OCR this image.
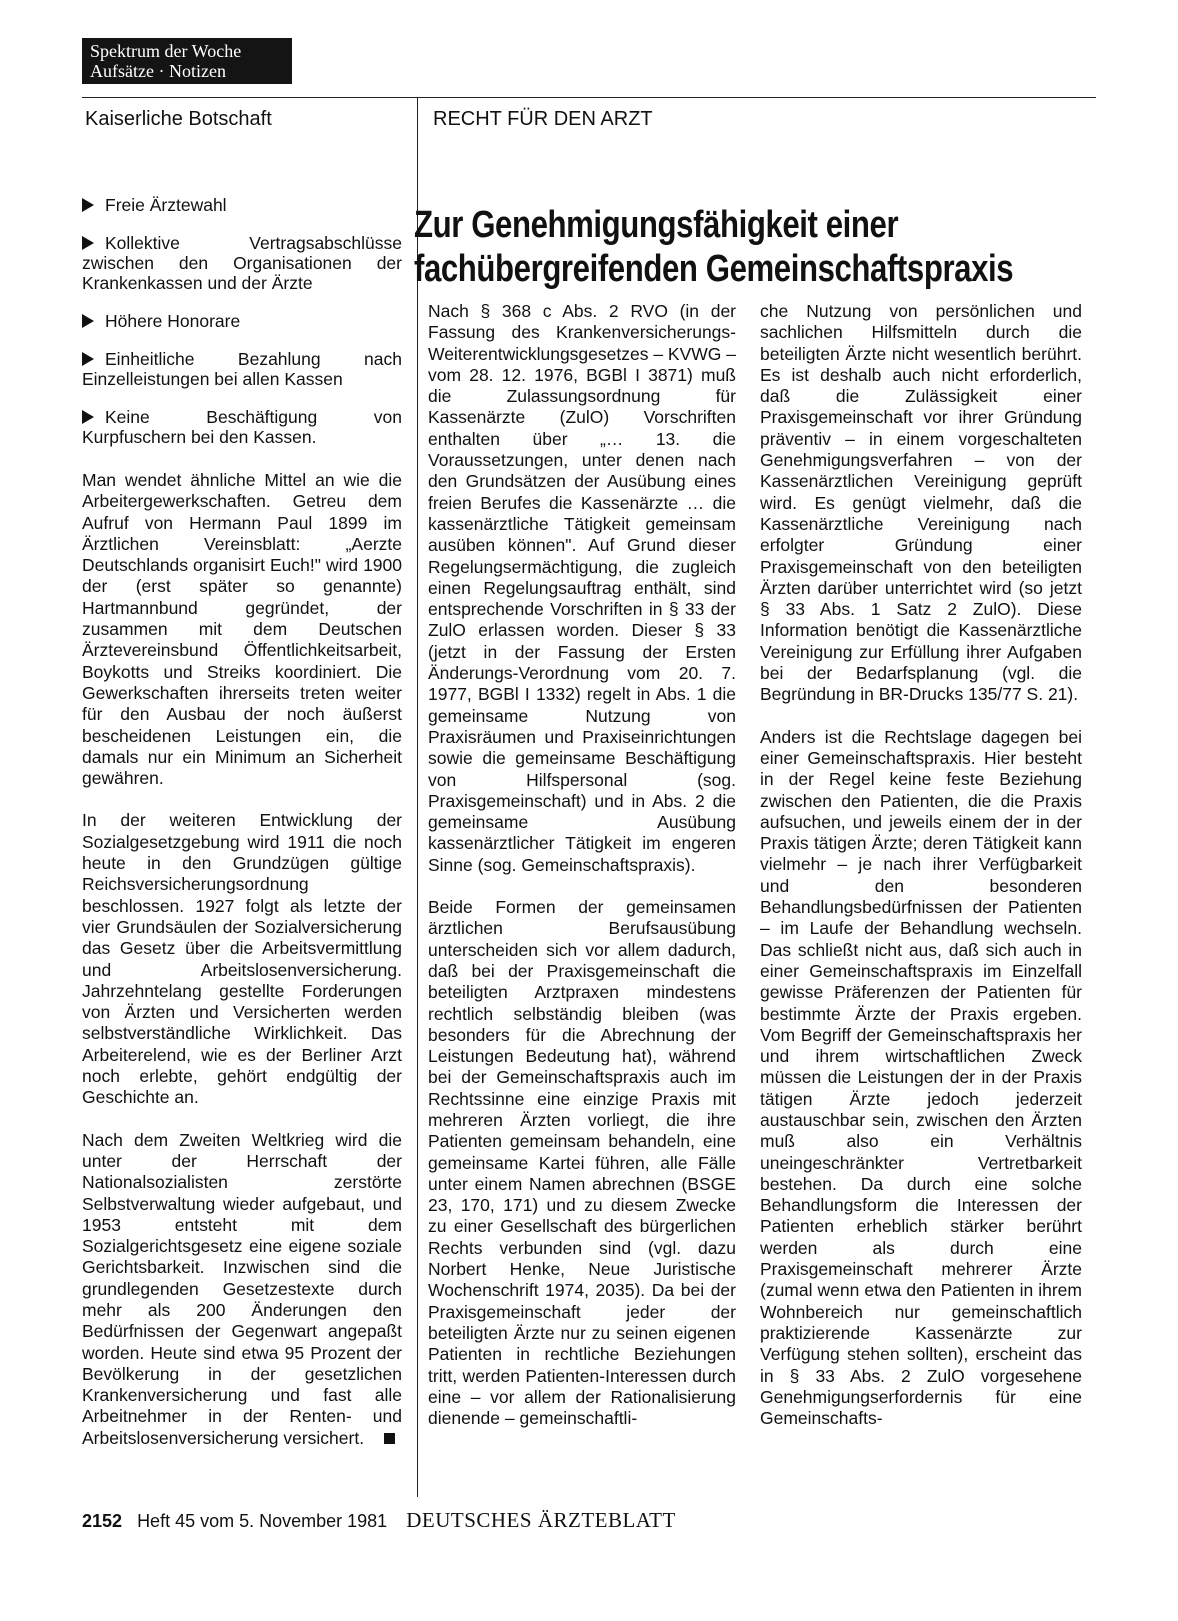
Spektrum der Woche
Aufsätze · Notizen
Kaiserliche Botschaft	RECHT FÜR DEN ARZT
Zur Genehmigungsfähigkeit einer
fachübergreifenden Gemeinschaftspraxis
Freie Ärztewahl
Kollektive Vertragsabschlüsse zwischen den Organisationen der Krankenkassen und der Ärzte
Höhere Honorare
Einheitliche Bezahlung nach Einzelleistungen bei allen Kassen
Keine Beschäftigung von Kurpfuschern bei den Kassen.

Man wendet ähnliche Mittel an wie die Arbeitergewerkschaften. Getreu dem Aufruf von Hermann Paul 1899 im Ärztlichen Vereinsblatt: „Aerzte Deutschlands organisirt Euch!" wird 1900 der (erst später so genannte) Hartmannbund gegründet, der zusammen mit dem Deutschen Ärztevereinsbund Öffentlichkeitsarbeit, Boykotts und Streiks koordiniert. Die Gewerkschaften ihrerseits treten weiter für den Ausbau der noch äußerst bescheidenen Leistungen ein, die damals nur ein Minimum an Sicherheit gewähren.

In der weiteren Entwicklung der Sozialgesetzgebung wird 1911 die noch heute in den Grundzügen gültige Reichsversicherungsordnung beschlossen. 1927 folgt als letzte der vier Grundsäulen der Sozialversicherung das Gesetz über die Arbeitsvermittlung und Arbeitslosenversicherung. Jahrzehntelang gestellte Forderungen von Ärzten und Versicherten werden selbstverständliche Wirklichkeit. Das Arbeiterelend, wie es der Berliner Arzt noch erlebte, gehört endgültig der Geschichte an.

Nach dem Zweiten Weltkrieg wird die unter der Herrschaft der Nationalsozialisten zerstörte Selbstverwaltung wieder aufgebaut, und 1953 entsteht mit dem Sozialgerichtsgesetz eine eigene soziale Gerichtsbarkeit. Inzwischen sind die grundlegenden Gesetzestexte durch mehr als 200 Änderungen den Bedürfnissen der Gegenwart angepaßt worden. Heute sind etwa 95 Prozent der Bevölkerung in der gesetzlichen Krankenversicherung und fast alle Arbeitnehmer in der Renten- und Arbeitslosenversicherung versichert.

Nach § 368 c Abs. 2 RVO (in der Fassung des Krankenversicherungs-Weiterentwicklungsgesetzes – KVWG – vom 28. 12. 1976, BGBl I 3871) muß die Zulassungsordnung für Kassenärzte (ZulO) Vorschriften enthalten über „… 13. die Voraussetzungen, unter denen nach den Grundsätzen der Ausübung eines freien Berufes die Kassenärzte … die kassenärztliche Tätigkeit gemeinsam ausüben können". Auf Grund dieser Regelungsermächtigung, die zugleich einen Regelungsauftrag enthält, sind entsprechende Vorschriften in § 33 der ZulO erlassen worden. Dieser § 33 (jetzt in der Fassung der Ersten Änderungs-Verordnung vom 20. 7. 1977, BGBl I 1332) regelt in Abs. 1 die gemeinsame Nutzung von Praxisräumen und Praxiseinrichtungen sowie die gemeinsame Beschäftigung von Hilfspersonal (sog. Praxisgemeinschaft) und in Abs. 2 die gemeinsame Ausübung kassenärztlicher Tätigkeit im engeren Sinne (sog. Gemeinschaftspraxis).

Beide Formen der gemeinsamen ärztlichen Berufsausübung unterscheiden sich vor allem dadurch, daß bei der Praxisgemeinschaft die beteiligten Arztpraxen mindestens rechtlich selbständig bleiben (was besonders für die Abrechnung der Leistungen Bedeutung hat), während bei der Gemeinschaftspraxis auch im Rechtssinne eine einzige Praxis mit mehreren Ärzten vorliegt, die ihre Patienten gemeinsam behandeln, eine gemeinsame Kartei führen, alle Fälle unter einem Namen abrechnen (BSGE 23, 170, 171) und zu diesem Zwecke zu einer Gesellschaft des bürgerlichen Rechts verbunden sind (vgl. dazu Norbert Henke, Neue Juristische Wochenschrift 1974, 2035). Da bei der Praxisgemeinschaft jeder der beteiligten Ärzte nur zu seinen eigenen Patienten in rechtliche Beziehungen tritt, werden Patienten-Interessen durch eine – vor allem der Rationalisierung dienende – gemeinschaftli-

che Nutzung von persönlichen und sachlichen Hilfsmitteln durch die beteiligten Ärzte nicht wesentlich berührt. Es ist deshalb auch nicht erforderlich, daß die Zulässigkeit einer Praxisgemeinschaft vor ihrer Gründung präventiv – in einem vorgeschalteten Genehmigungsverfahren – von der Kassenärztlichen Vereinigung geprüft wird. Es genügt vielmehr, daß die Kassenärztliche Vereinigung nach erfolgter Gründung einer Praxisgemeinschaft von den beteiligten Ärzten darüber unterrichtet wird (so jetzt § 33 Abs. 1 Satz 2 ZulO). Diese Information benötigt die Kassenärztliche Vereinigung zur Erfüllung ihrer Aufgaben bei der Bedarfsplanung (vgl. die Begründung in BR-Drucks 135/77 S. 21).

Anders ist die Rechtslage dagegen bei einer Gemeinschaftspraxis. Hier besteht in der Regel keine feste Beziehung zwischen den Patienten, die die Praxis aufsuchen, und jeweils einem der in der Praxis tätigen Ärzte; deren Tätigkeit kann vielmehr – je nach ihrer Verfügbarkeit und den besonderen Behandlungsbedürfnissen der Patienten – im Laufe der Behandlung wechseln. Das schließt nicht aus, daß sich auch in einer Gemeinschaftspraxis im Einzelfall gewisse Präferenzen der Patienten für bestimmte Ärzte der Praxis ergeben. Vom Begriff der Gemeinschaftspraxis her und ihrem wirtschaftlichen Zweck müssen die Leistungen der in der Praxis tätigen Ärzte jedoch jederzeit austauschbar sein, zwischen den Ärzten muß also ein Verhältnis uneingeschränkter Vertretbarkeit bestehen. Da durch eine solche Behandlungsform die Interessen der Patienten erheblich stärker berührt werden als durch eine Praxisgemeinschaft mehrerer Ärzte (zumal wenn etwa den Patienten in ihrem Wohnbereich nur gemeinschaftlich praktizierende Kassenärzte zur Verfügung stehen sollten), erscheint das in § 33 Abs. 2 ZulO vorgesehene Genehmigungserfordernis für eine Gemeinschafts-

2152 Heft 45 vom 5. November 1981 DEUTSCHES ÄRZTEBLATT
